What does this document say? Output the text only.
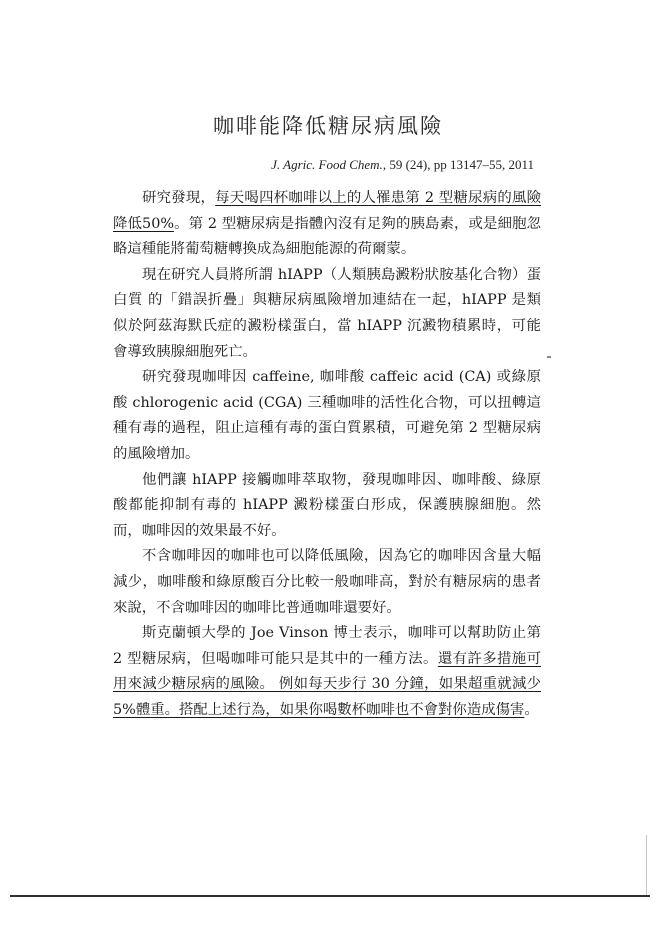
咖啡能降低糖尿病風險
J. Agric. Food Chem., 59 (24), pp 13147–55, 2011

研究發現，每天喝四杯咖啡以上的人罹患第 2 型糖尿病的風險降低50%。第 2 型糖尿病是指體內沒有足夠的胰島素，或是細胞忽略這種能將葡萄糖轉換成為細胞能源的荷爾蒙。

現在研究人員將所謂 hIAPP（人類胰島澱粉狀胺基化合物）蛋白質 的「錯誤折疊」與糖尿病風險增加連結在一起，hIAPP 是類似於阿茲海默氏症的澱粉樣蛋白，當 hIAPP 沉澱物積累時，可能會導致胰腺細胞死亡。

研究發現咖啡因 caffeine, 咖啡酸 caffeic acid (CA) 或綠原酸 chlorogenic acid (CGA) 三種咖啡的活性化合物，可以扭轉這種有毒的過程，阻止這種有毒的蛋白質累積，可避免第 2 型糖尿病的風險增加。

他們讓 hIAPP 接觸咖啡萃取物，發現咖啡因、咖啡酸、綠原酸都能抑制有毒的 hIAPP 澱粉樣蛋白形成，保護胰腺細胞。然而，咖啡因的效果最不好。

不含咖啡因的咖啡也可以降低風險，因為它的咖啡因含量大幅減少，咖啡酸和綠原酸百分比較一般咖啡高，對於有糖尿病的患者來說，不含咖啡因的咖啡比普通咖啡還要好。

斯克蘭頓大學的 Joe Vinson 博士表示，咖啡可以幫助防止第 2 型糖尿病，但喝咖啡可能只是其中的一種方法。還有許多措施可用來減少糖尿病的風險。 例如每天步行 30 分鐘，如果超重就減少 5%體重。搭配上述行為，如果你喝數杯咖啡也不會對你造成傷害。
